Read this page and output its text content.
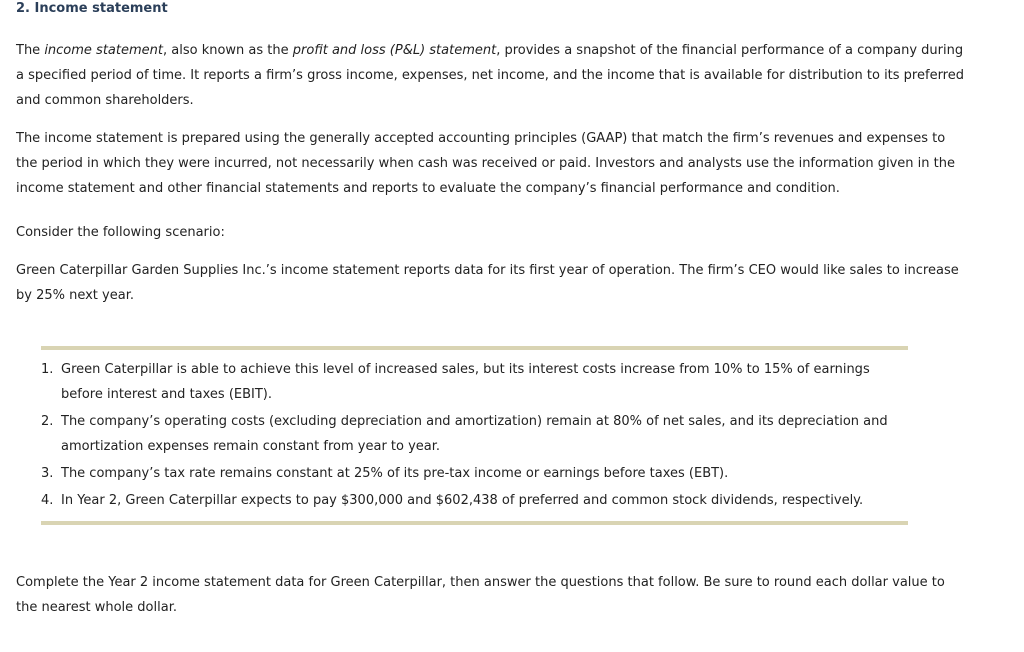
2. Income statement

The income statement, also known as the profit and loss (P&L) statement, provides a snapshot of the financial performance of a company during a specified period of time. It reports a firm’s gross income, expenses, net income, and the income that is available for distribution to its preferred and common shareholders.

The income statement is prepared using the generally accepted accounting principles (GAAP) that match the firm’s revenues and expenses to the period in which they were incurred, not necessarily when cash was received or paid. Investors and analysts use the information given in the income statement and other financial statements and reports to evaluate the company’s financial performance and condition.

Consider the following scenario:

Green Caterpillar Garden Supplies Inc.’s income statement reports data for its first year of operation. The firm’s CEO would like sales to increase by 25% next year.

1. Green Caterpillar is able to achieve this level of increased sales, but its interest costs increase from 10% to 15% of earnings before interest and taxes (EBIT).
2. The company’s operating costs (excluding depreciation and amortization) remain at 80% of net sales, and its depreciation and amortization expenses remain constant from year to year.
3. The company’s tax rate remains constant at 25% of its pre-tax income or earnings before taxes (EBT).
4. In Year 2, Green Caterpillar expects to pay $300,000 and $602,438 of preferred and common stock dividends, respectively.

Complete the Year 2 income statement data for Green Caterpillar, then answer the questions that follow. Be sure to round each dollar value to the nearest whole dollar.
